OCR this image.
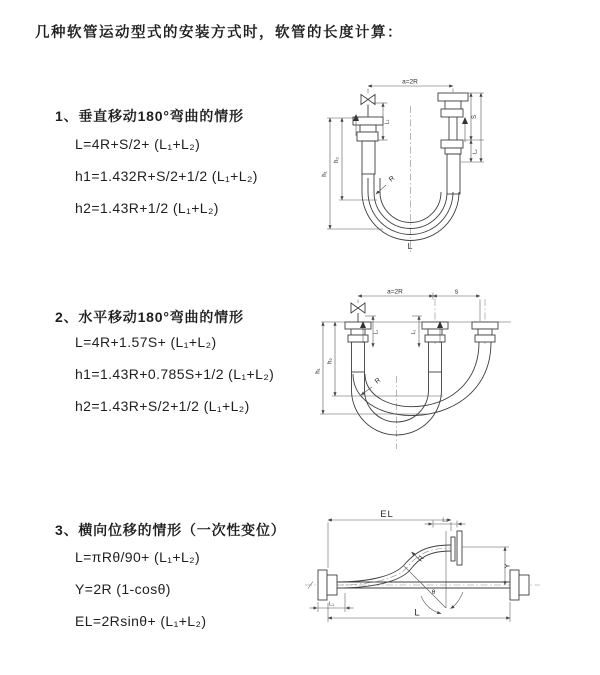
几种软管运动型式的安装方式时，软管的长度计算：
1、垂直移动180°弯曲的情形
L=4R+S/2+ (L₁+L₂)
h1=1.432R+S/2+1/2 (L₁+L₂)
h2=1.43R+1/2 (L₁+L₂)
2、水平移动180°弯曲的情形
L=4R+1.57S+ (L₁+L₂)
h1=1.43R+0.785S+1/2 (L₁+L₂)
h2=1.43R+S/2+1/2 (L₁+L₂)
3、横向位移的情形（一次性变位）
L=πRθ/90+ (L₁+L₂)
Y=2R (1-cosθ)
EL=2Rsinθ+ (L₁+L₂)
a=2R
L₁
h₁
h₂
S
L₂
R
L
a=2R	s
L₁	L₂
h₁
h₂
R
EL
L₂
Y
θ
R
L
L₁
